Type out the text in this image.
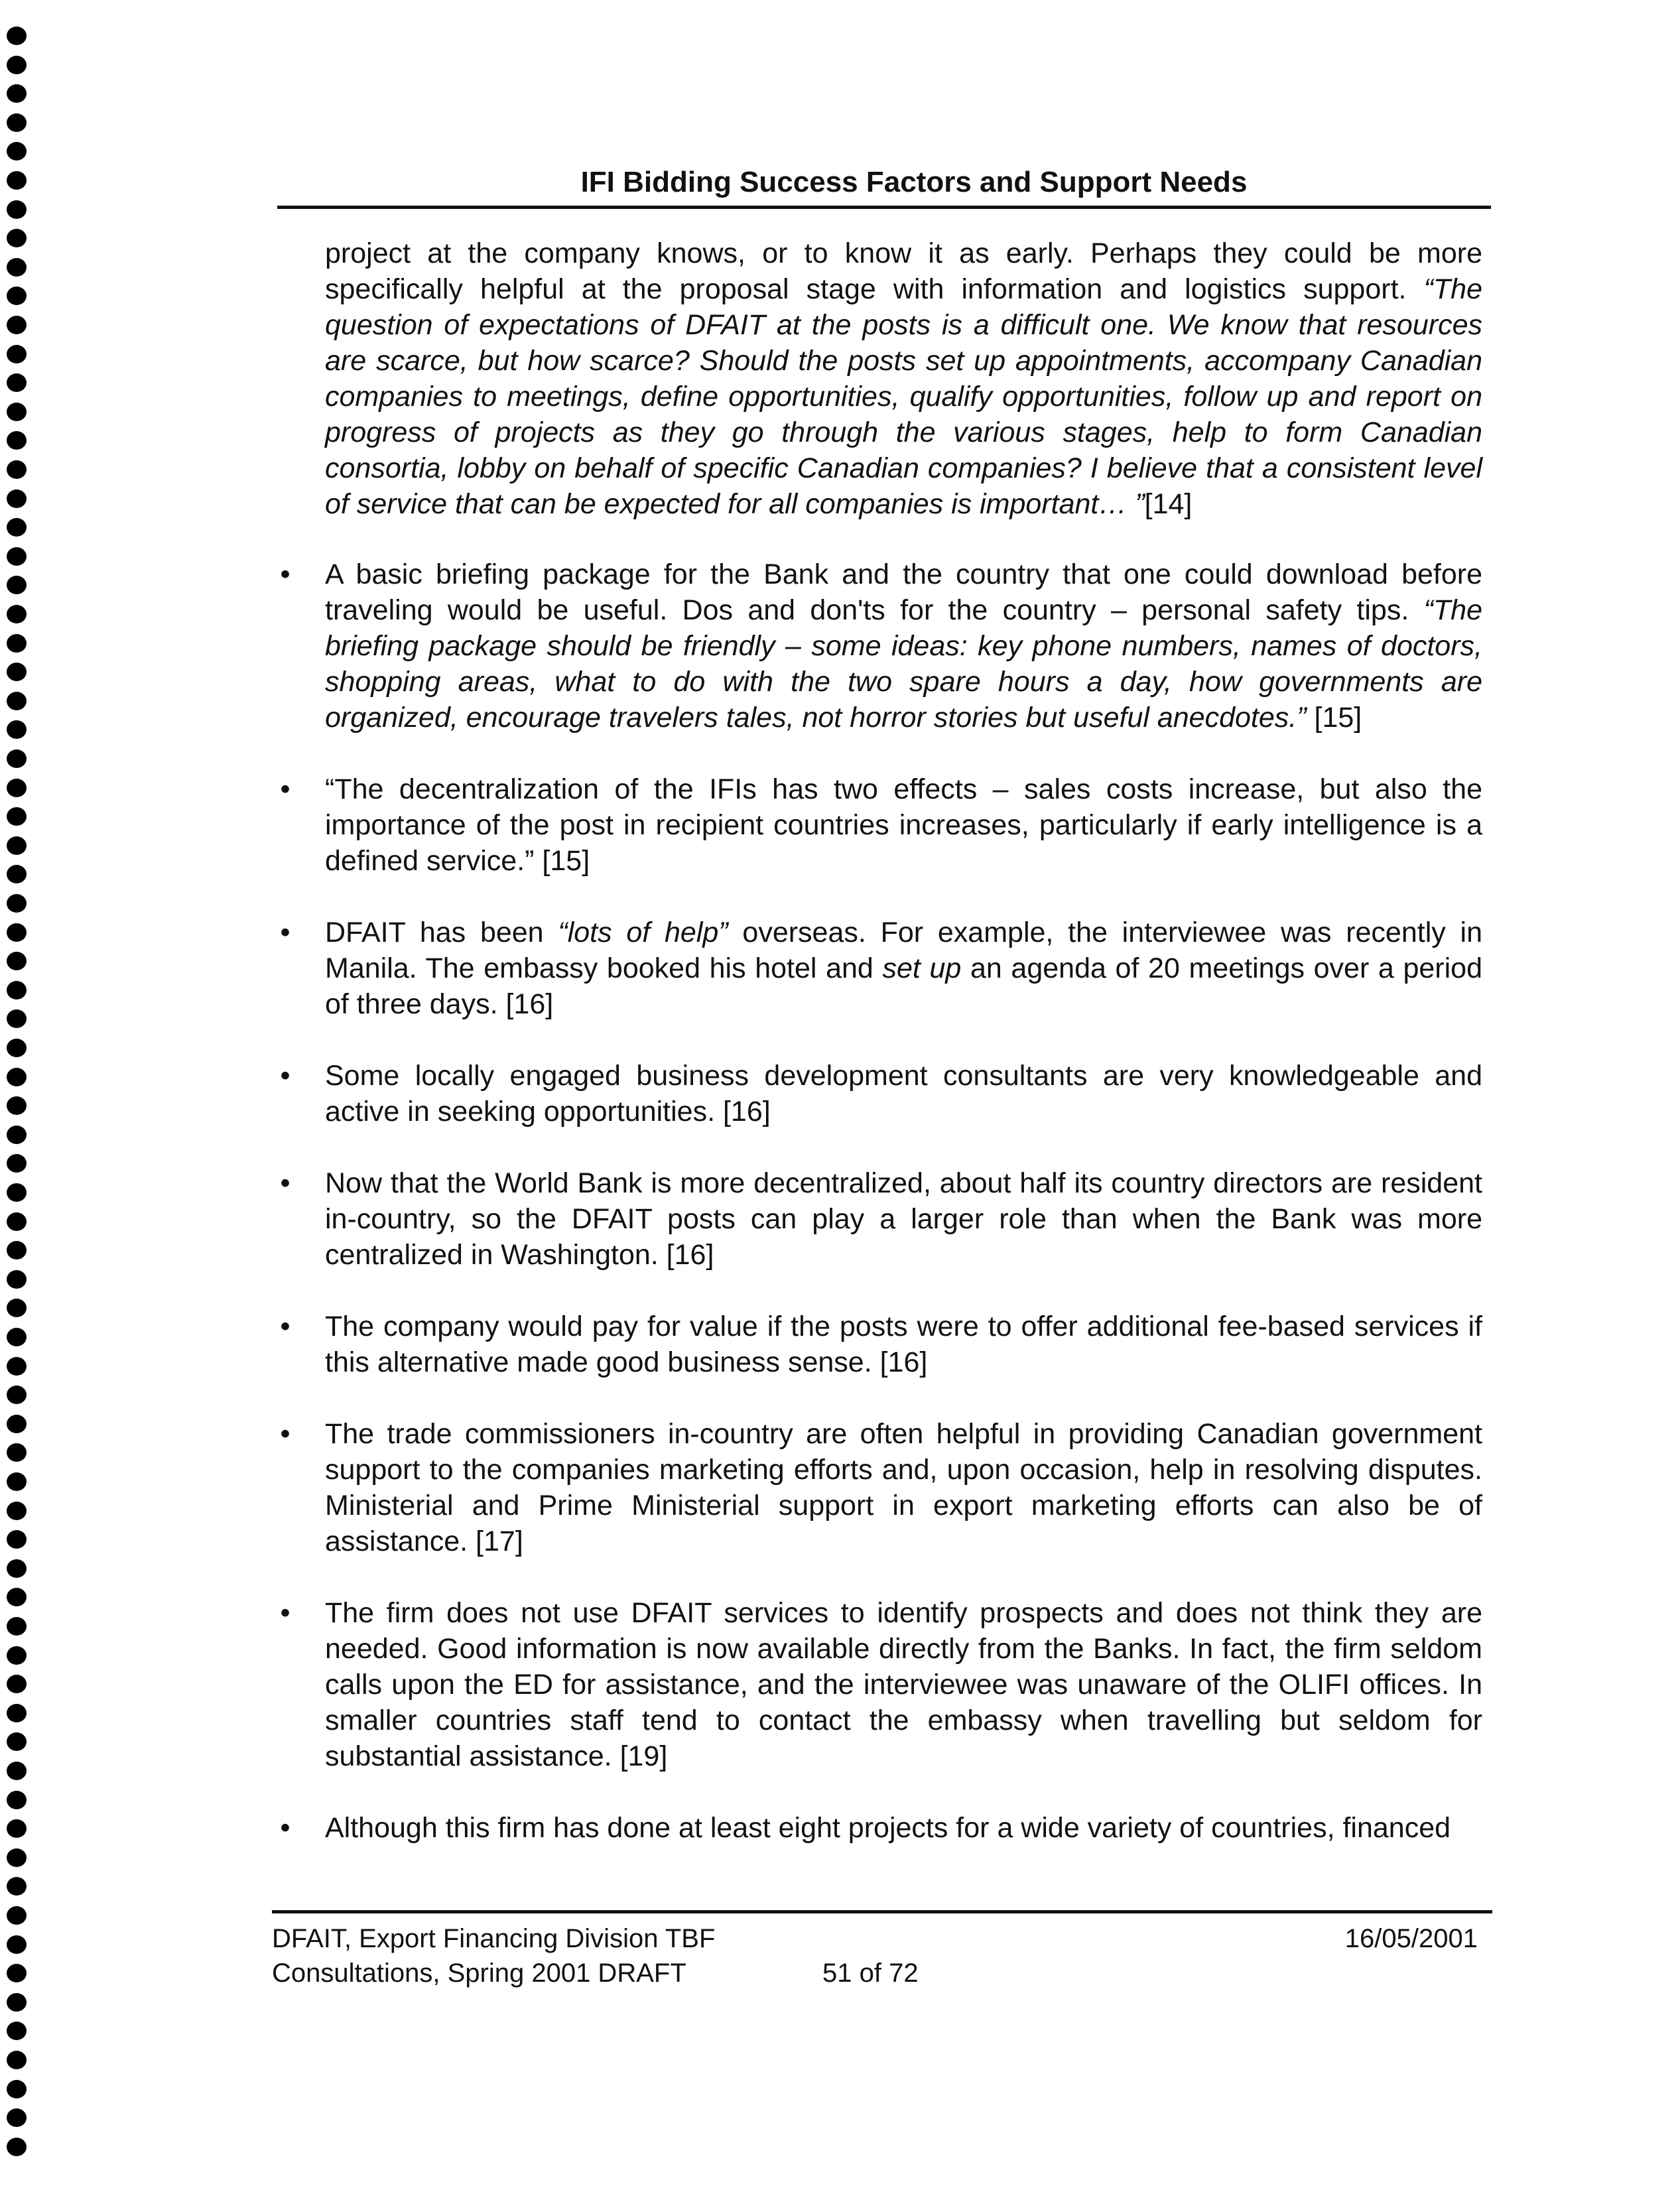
IFI Bidding Success Factors and Support Needs

project at the company knows, or to know it as early. Perhaps they could be more specifically helpful at the proposal stage with information and logistics support. “The question of expectations of DFAIT at the posts is a difficult one. We know that resources are scarce, but how scarce? Should the posts set up appointments, accompany Canadian companies to meetings, define opportunities, qualify opportunities, follow up and report on progress of projects as they go through the various stages, help to form Canadian consortia, lobby on behalf of specific Canadian companies? I believe that a consistent level of service that can be expected for all companies is important… ”[14]

• A basic briefing package for the Bank and the country that one could download before traveling would be useful. Dos and don'ts for the country – personal safety tips. “The briefing package should be friendly – some ideas: key phone numbers, names of doctors, shopping areas, what to do with the two spare hours a day, how governments are organized, encourage travelers tales, not horror stories but useful anecdotes.” [15]
• “The decentralization of the IFIs has two effects – sales costs increase, but also the importance of the post in recipient countries increases, particularly if early intelligence is a defined service.” [15]
• DFAIT has been “lots of help” overseas. For example, the interviewee was recently in Manila. The embassy booked his hotel and set up an agenda of 20 meetings over a period of three days. [16]
• Some locally engaged business development consultants are very knowledgeable and active in seeking opportunities. [16]
• Now that the World Bank is more decentralized, about half its country directors are resident in-country, so the DFAIT posts can play a larger role than when the Bank was more centralized in Washington. [16]
• The company would pay for value if the posts were to offer additional fee-based services if this alternative made good business sense. [16]
• The trade commissioners in-country are often helpful in providing Canadian government support to the companies marketing efforts and, upon occasion, help in resolving disputes. Ministerial and Prime Ministerial support in export marketing efforts can also be of assistance. [17]
• The firm does not use DFAIT services to identify prospects and does not think they are needed. Good information is now available directly from the Banks. In fact, the firm seldom calls upon the ED for assistance, and the interviewee was unaware of the OLIFI offices. In smaller countries staff tend to contact the embassy when travelling but seldom for substantial assistance. [19]
• Although this firm has done at least eight projects for a wide variety of countries, financed
DFAIT, Export Financing Division TBF
Consultations, Spring 2001 DRAFT	51 of 72
16/05/2001
